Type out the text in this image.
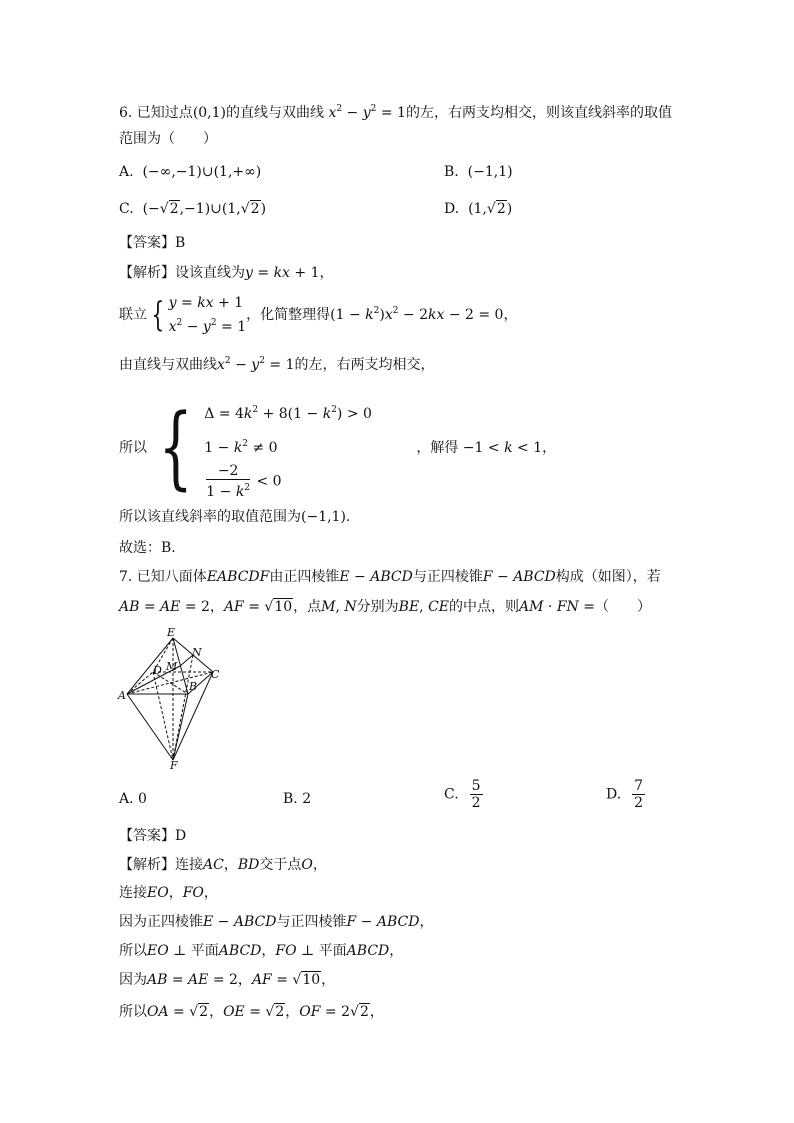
6. 已知过点(0,1)的直线与双曲线 $x^2 - y^2 = 1$的左，右两支均相交，则该直线斜率的取值
范围为（　　）
A.  (−∞,−1)∪(1,+∞)	B. (−1,1)
C.  (−√2,−1)∪(1,√2)	D.  (1,√2)
【答案】B
【解析】设该直线为y = kx + 1，
联立 { y = kx + 1
$x^2 - y^2 = 1$，化简整理得$(1 - k^2)x^2 - 2kx - 2 = 0$，
由直线与双曲线$x^2 - y^2 = 1$的左，右两支均相交，
所以 { $\Delta = 4k^2 + 8(1 - k^2) > 0$
$1 - k^2 \ne 0$

$\frac{-2}{1 - k^2} < 0$ ，解得 −1 < k < 1，
所以该直线斜率的取值范围为(−1,1).
故选：B.
7. 已知八面体EABCDF由正四棱锥E − ABCD与正四棱锥F − ABCD构成（如图），若
AB = AE = 2，AF = √10，点M, N分别为BE, CE的中点，则AM · FN =（　　）
E
N
D M
C
A
B
F
A. 0	B. 2	C. $\frac{5}{2}$	D. $\frac{7}{2}$
【答案】D
【解析】连接AC，BD交于点O，
连接EO，FO，
因为正四棱锥E − ABCD与正四棱锥F − ABCD，
所以EO ⊥ 平面ABCD，FO ⊥ 平面ABCD，
因为AB = AE = 2，AF = √10，
所以OA = √2，OE = √2，OF = 2√2，
